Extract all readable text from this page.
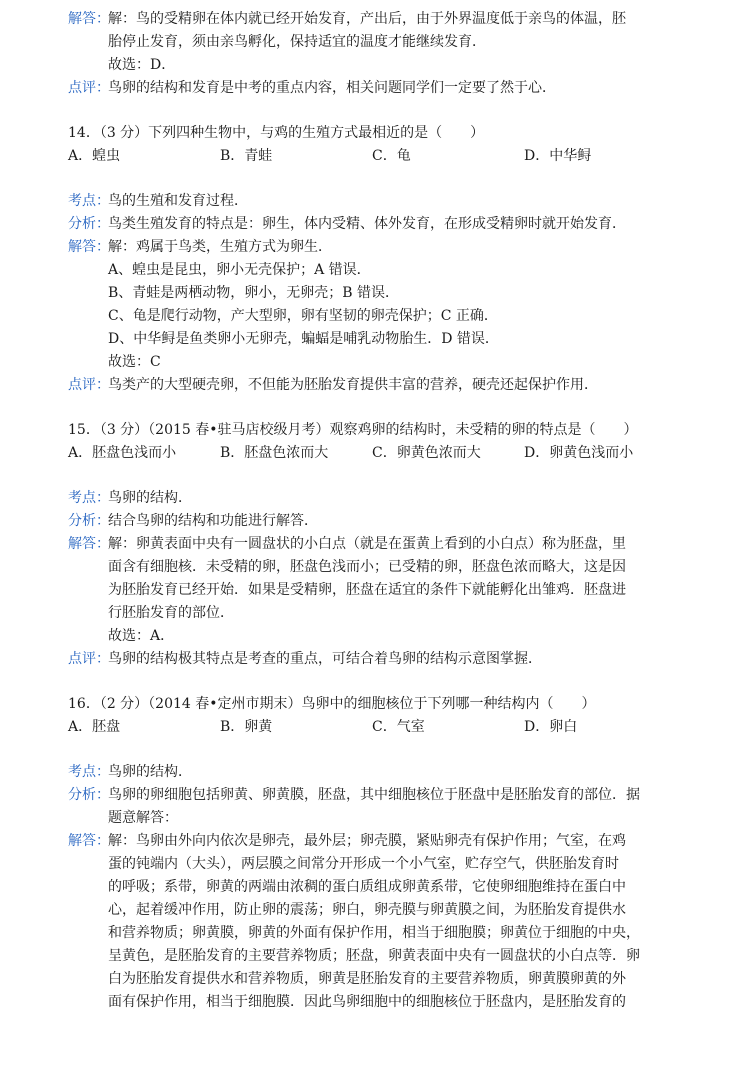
解答：

解：鸟的受精卵在体内就已经开始发育，产出后，由于外界温度低于亲鸟的体温，胚

胎停止发育，须由亲鸟孵化，保持适宜的温度才能继续发育．

故选：D．

点评：

鸟卵的结构和发育是中考的重点内容，相关问题同学们一定要了然于心．

14．（3 分）下列四种生物中，与鸡的生殖方式最相近的是（　　）

A．蝗虫	B．青蛙	C．龟	D．中华鲟
考点：

鸟的生殖和发育过程．

分析：

鸟类生殖发育的特点是：卵生，体内受精、体外发育，在形成受精卵时就开始发育．

解答：

解：鸡属于鸟类，生殖方式为卵生．

A、蝗虫是昆虫，卵小无壳保护；A 错误．

B、青蛙是两栖动物，卵小，无卵壳；B 错误．

C、龟是爬行动物，产大型卵，卵有坚韧的卵壳保护；C 正确．

D、中华鲟是鱼类卵小无卵壳，蝙蝠是哺乳动物胎生．D 错误．

故选：C

点评：

鸟类产的大型硬壳卵，不但能为胚胎发育提供丰富的营养，硬壳还起保护作用．

15．（3 分）（2015 春•驻马店校级月考）观察鸡卵的结构时，未受精的卵的特点是（　　）

A．胚盘色浅而小	B．胚盘色浓而大	C．卵黄色浓而大	D．卵黄色浅而小
考点：

鸟卵的结构．

分析：

结合鸟卵的结构和功能进行解答．

解答：

解：卵黄表面中央有一圆盘状的小白点（就是在蛋黄上看到的小白点）称为胚盘，里

面含有细胞核．未受精的卵，胚盘色浅而小；已受精的卵，胚盘色浓而略大，这是因

为胚胎发育已经开始．如果是受精卵，胚盘在适宜的条件下就能孵化出雏鸡．胚盘进

行胚胎发育的部位．

故选：A．

点评：

鸟卵的结构极其特点是考查的重点，可结合着鸟卵的结构示意图掌握．

16．（2 分）（2014 春•定州市期末）鸟卵中的细胞核位于下列哪一种结构内（　　）

A．胚盘	B．卵黄	C．气室	D．卵白
考点：

鸟卵的结构．

分析：

鸟卵的卵细胞包括卵黄、卵黄膜，胚盘，其中细胞核位于胚盘中是胚胎发育的部位．据

题意解答：

解答：

解：鸟卵由外向内依次是卵壳，最外层；卵壳膜，紧贴卵壳有保护作用；气室，在鸡

蛋的钝端内（大头），两层膜之间常分开形成一个小气室，贮存空气，供胚胎发育时

的呼吸；系带，卵黄的两端由浓稠的蛋白质组成卵黄系带，它使卵细胞维持在蛋白中

心，起着缓冲作用，防止卵的震荡；卵白，卵壳膜与卵黄膜之间，为胚胎发育提供水

和营养物质；卵黄膜，卵黄的外面有保护作用，相当于细胞膜；卵黄位于细胞的中央，

呈黄色，是胚胎发育的主要营养物质；胚盘，卵黄表面中央有一圆盘状的小白点等．卵

白为胚胎发育提供水和营养物质，卵黄是胚胎发育的主要营养物质，卵黄膜卵黄的外

面有保护作用，相当于细胞膜．因此鸟卵细胞中的细胞核位于胚盘内，是胚胎发育的
